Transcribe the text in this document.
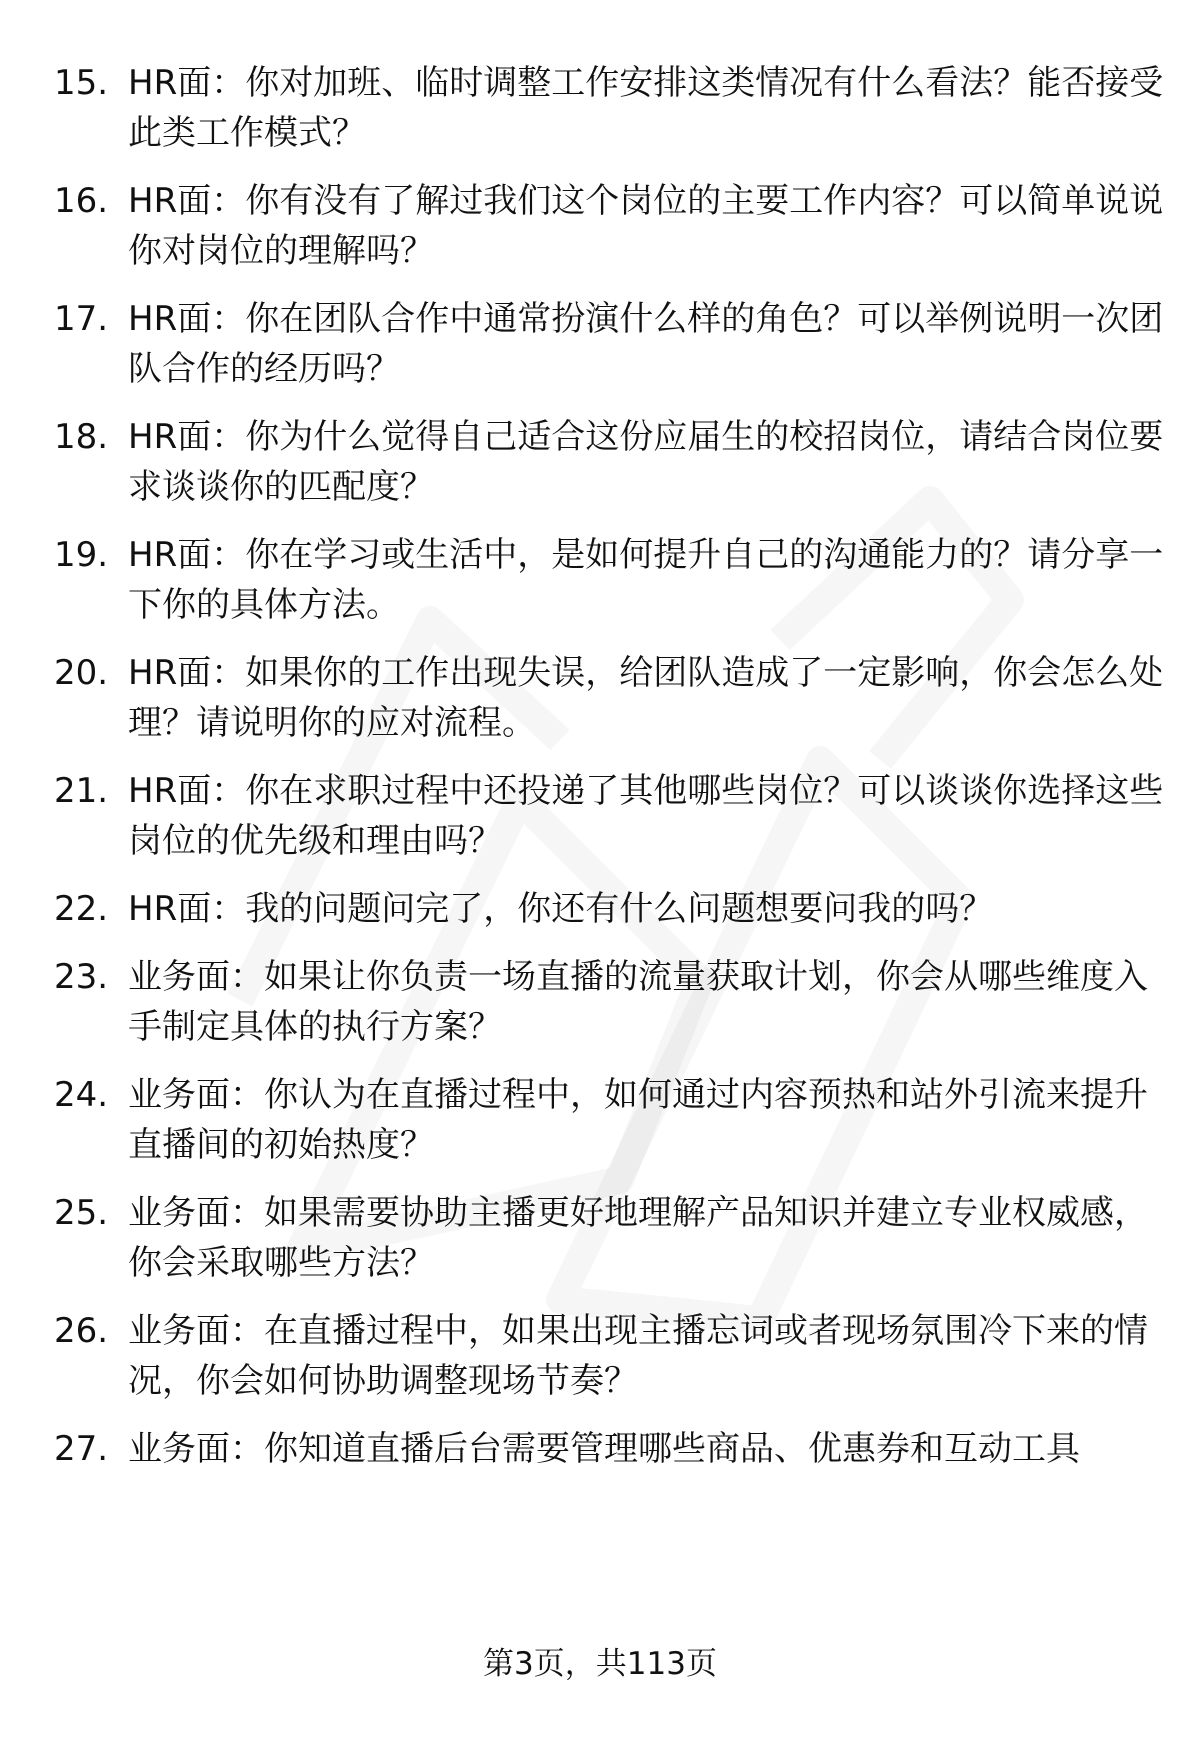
15. HR面：你对加班、临时调整工作安排这类情况有什么看法？能否接受此类工作模式？
16. HR面：你有没有了解过我们这个岗位的主要工作内容？可以简单说说你对岗位的理解吗？
17. HR面：你在团队合作中通常扮演什么样的角色？可以举例说明一次团队合作的经历吗？
18. HR面：你为什么觉得自己适合这份应届生的校招岗位，请结合岗位要求谈谈你的匹配度？
19. HR面：你在学习或生活中，是如何提升自己的沟通能力的？请分享一下你的具体方法。
20. HR面：如果你的工作出现失误，给团队造成了一定影响，你会怎么处理？请说明你的应对流程。
21. HR面：你在求职过程中还投递了其他哪些岗位？可以谈谈你选择这些岗位的优先级和理由吗？
22. HR面：我的问题问完了，你还有什么问题想要问我的吗？
23. 业务面：如果让你负责一场直播的流量获取计划，你会从哪些维度入手制定具体的执行方案？
24. 业务面：你认为在直播过程中，如何通过内容预热和站外引流来提升直播间的初始热度？
25. 业务面：如果需要协助主播更好地理解产品知识并建立专业权威感，你会采取哪些方法？
26. 业务面：在直播过程中，如果出现主播忘词或者现场氛围冷下来的情况，你会如何协助调整现场节奏？
27. 业务面：你知道直播后台需要管理哪些商品、优惠券和互动工具
第3页，共113页
